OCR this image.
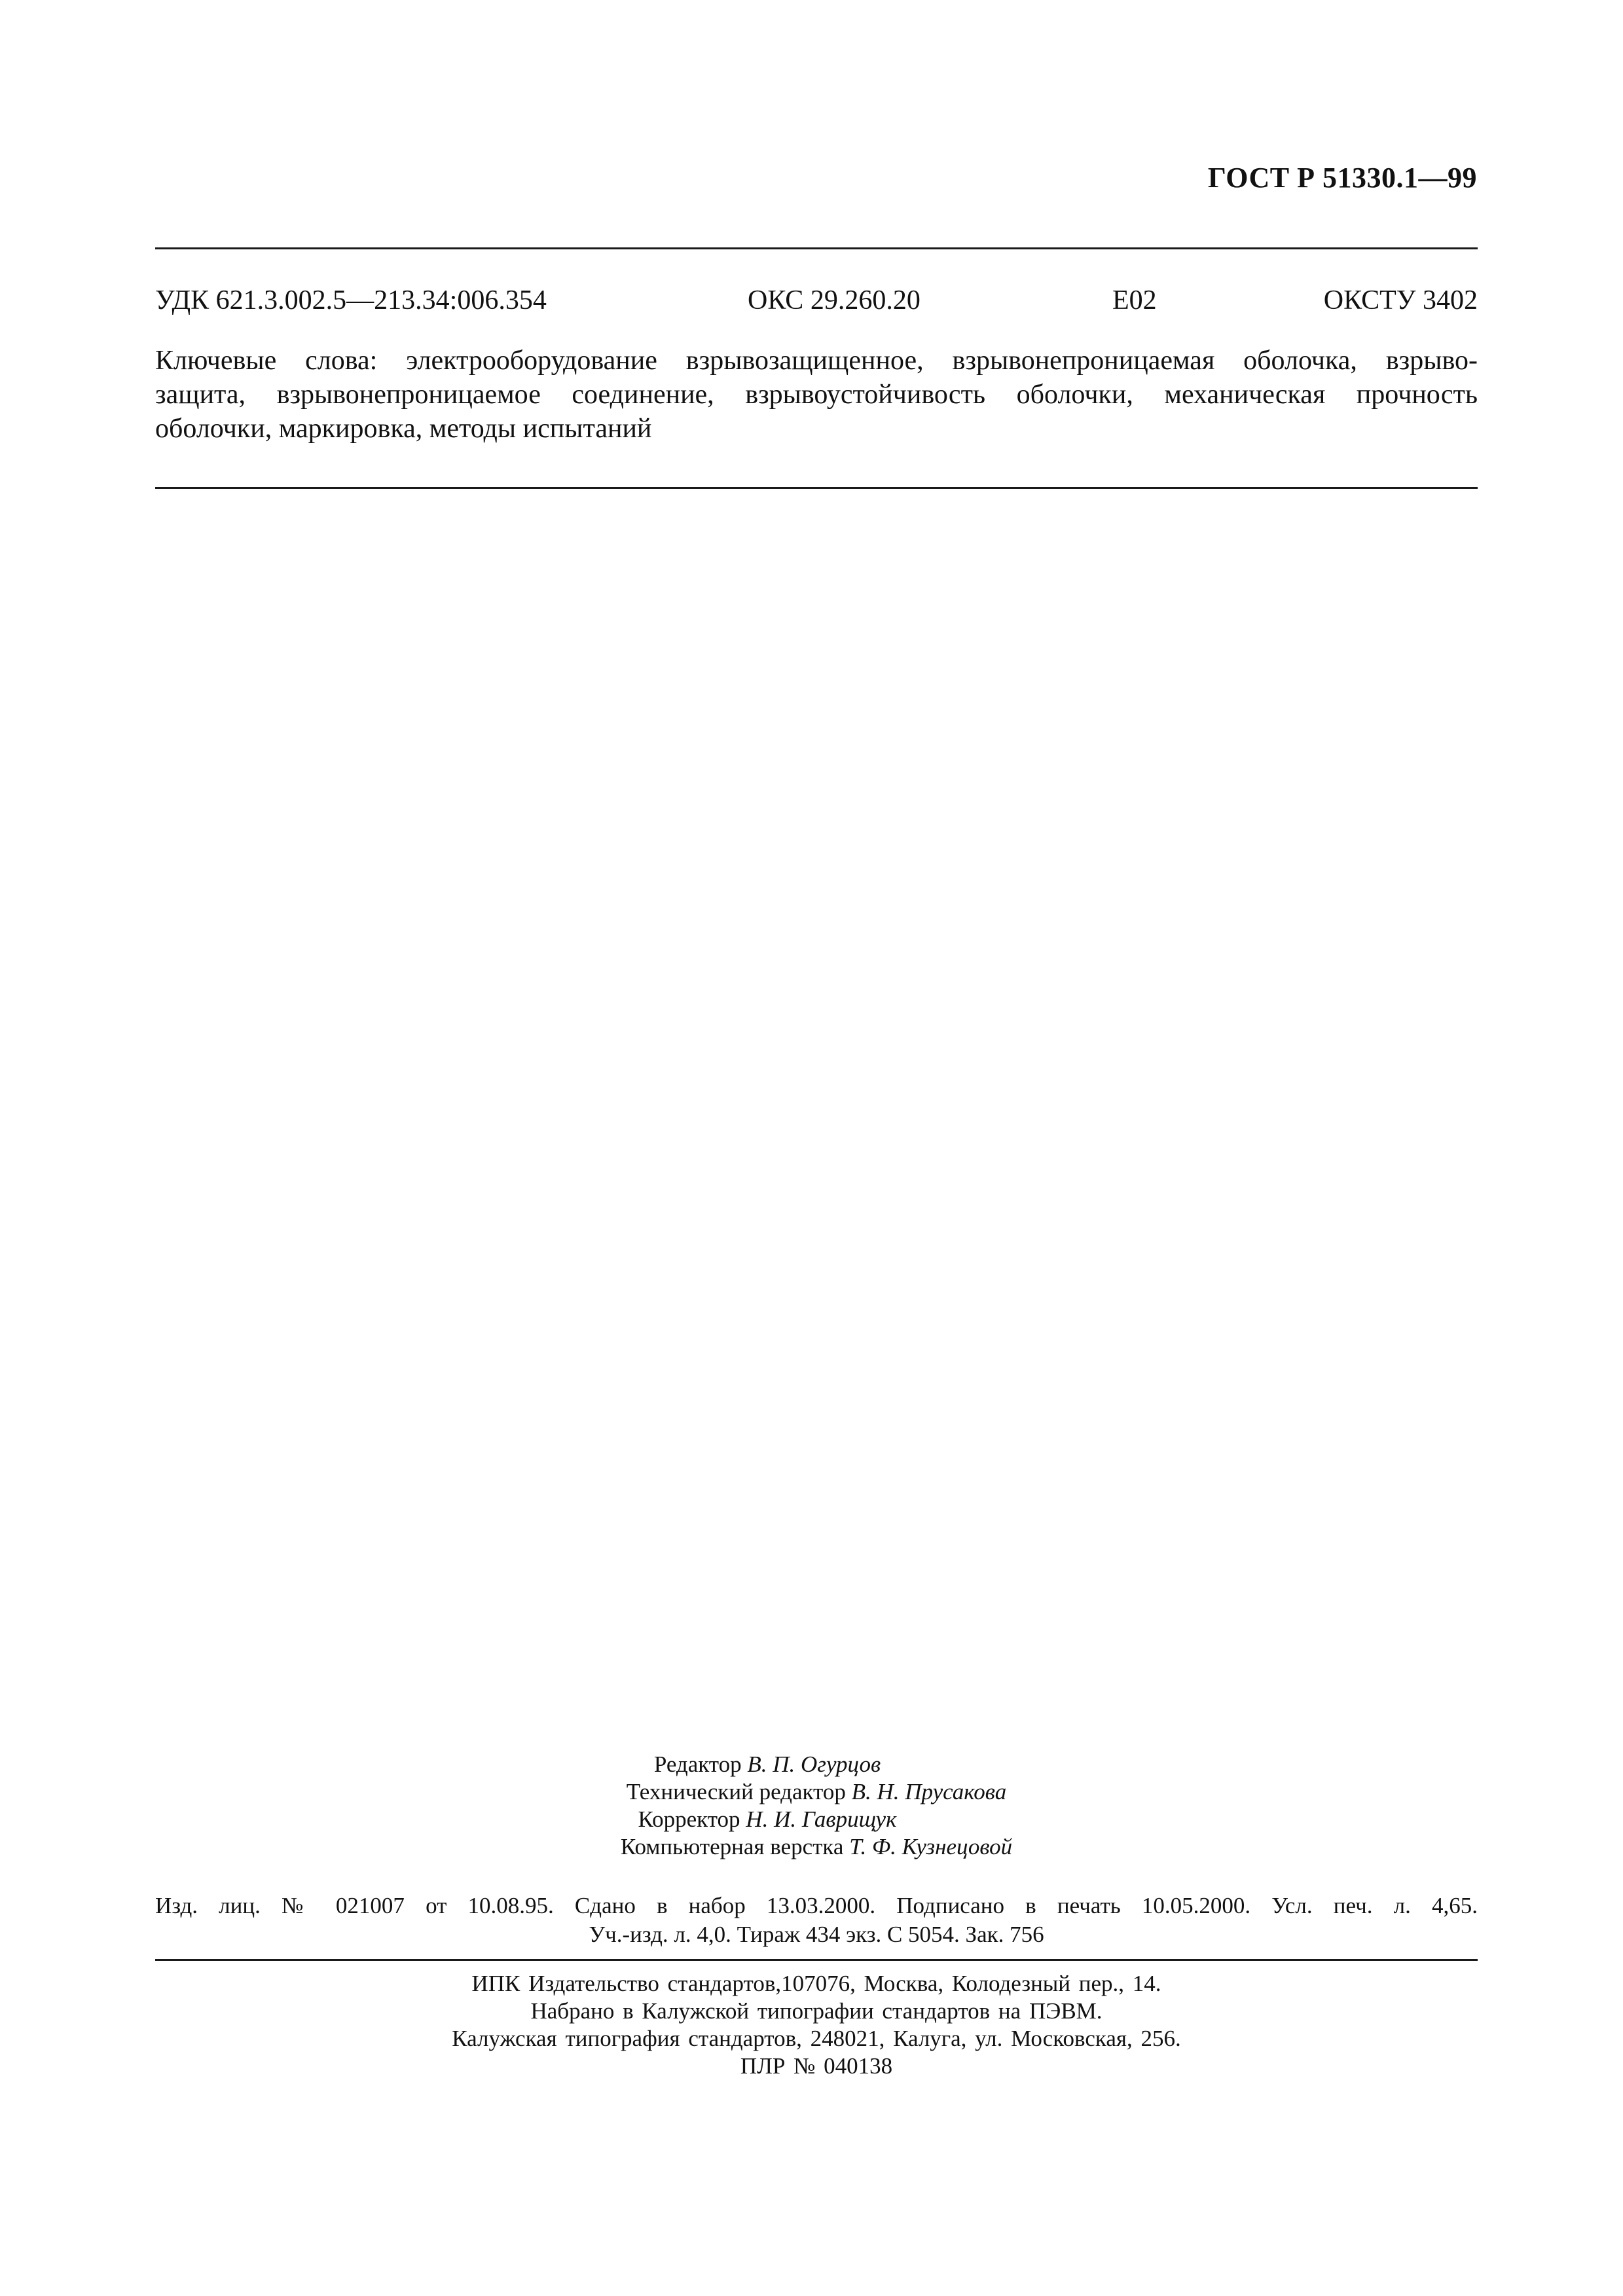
ГОСТ Р 51330.1—99
УДК 621.3.002.5—213.34:006.354	ОКС 29.260.20	Е02	ОКСТУ 3402
Ключевые слова: электрооборудование взрывозащищенное, взрывонепроницаемая оболочка, взрыво-
защита, взрывонепроницаемое соединение, взрывоустойчивость оболочки, механическая прочность
оболочки, маркировка, методы испытаний
Редактор В. П. Огурцов
Технический редактор В. Н. Прусакова
Корректор Н. И. Гаврищук
Компьютерная верстка Т. Ф. Кузнецовой
Изд. лиц. № 021007 от 10.08.95. Сдано в набор 13.03.2000. Подписано в печать 10.05.2000. Усл. печ. л. 4,65.
Уч.-изд. л. 4,0. Тираж 434 экз. С 5054. Зак. 756
ИПК Издательство стандартов,107076, Москва, Колодезный пер., 14.
Набрано в Калужской типографии стандартов на ПЭВМ.
Калужская типография стандартов, 248021, Калуга, ул. Московская, 256.
ПЛР № 040138
